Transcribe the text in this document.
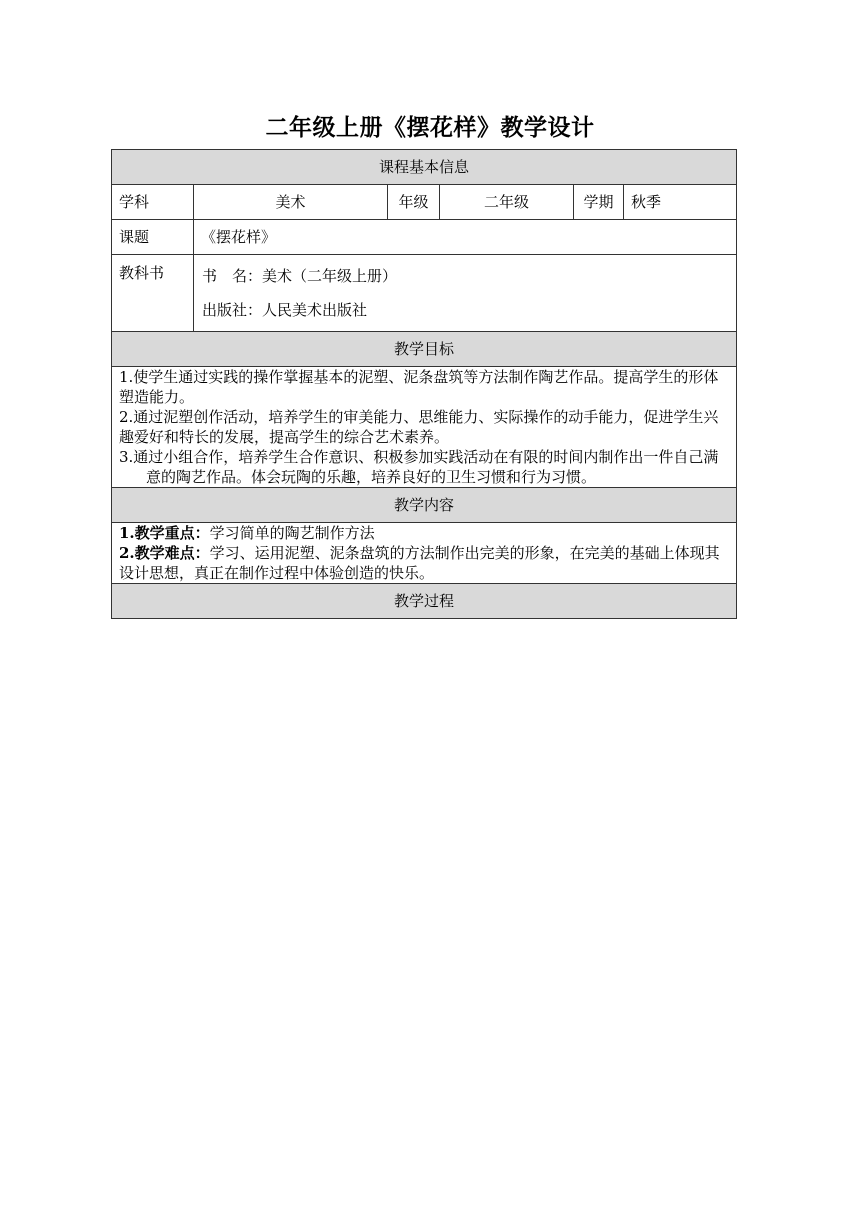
二年级上册《摆花样》教学设计
课程基本信息					
学科	美术	年级	二年级	学期	秋季
课题	《摆花样》				
教科书	书　名：美术（二年级上册）
出版社：人民美术出版社				

教学目标					

1.使学生通过实践的操作掌握基本的泥塑、泥条盘筑等方法制作陶艺作品。提高学生的形体塑造能力。

2.通过泥塑创作活动，培养学生的审美能力、思维能力、实际操作的动手能力，促进学生兴趣爱好和特长的发展，提高学生的综合艺术素养。

3.通过小组合作，培养学生合作意识、积极参加实践活动在有限的时间内制作出一件自己满意的陶艺作品。体会玩陶的乐趣，培养良好的卫生习惯和行为习惯。					

教学内容					

1.教学重点：学习简单的陶艺制作方法

2.教学难点：学习、运用泥塑、泥条盘筑的方法制作出完美的形象，在完美的基础上体现其设计思想，真正在制作过程中体验创造的快乐。					

教学过程					
